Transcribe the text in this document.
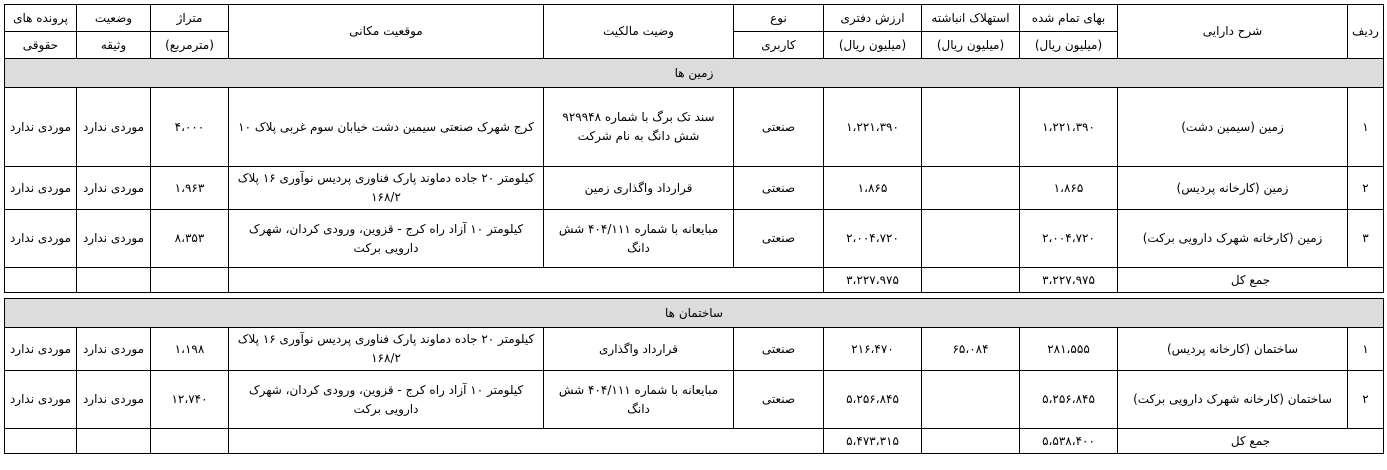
ردیف	شرح دارایی	بهای تمام شده	استهلاک انباشته	ارزش دفتری	نوع	وضیت مالکیت	موقعیت مکانی	متراژ	وضعیت	پرونده های
		(میلیون ریال)	(میلیون ریال)	(میلیون ریال)	کاربری			(مترمربع)	وثیقه	حقوقی
زمین ها										
۱	زمین (سیمین دشت)	۱،۲۲۱،۳۹۰		۱،۲۲۱،۳۹۰	صنعتی	سند تک برگ با شماره ۹۲۹۹۴۸ شش دانگ به نام شرکت	کرج شهرک صنعتی سیمین دشت خیابان سوم غربی پلاک ۱۰	۴،۰۰۰	موردی ندارد	موردی ندارد
۲	زمین (کارخانه پردیس)	۱،۸۶۵		۱،۸۶۵	صنعتی	قرارداد واگذاری زمین	کیلومتر ۲۰ جاده دماوند پارک فناوری پردیس نوآوری ۱۶ پلاک ۱۶۸/۲	۱،۹۶۳	موردی ندارد	موردی ندارد
۳	زمین (کارخانه شهرک دارویی برکت)	۲،۰۰۴،۷۲۰		۲،۰۰۴،۷۲۰	صنعتی	مبایعانه با شماره ۴۰۴/۱۱۱ شش دانگ	کیلومتر ۱۰ آزاد راه کرج - قزوین، ورودی کردان، شهرک دارویی برکت	۸،۳۵۳	موردی ندارد	موردی ندارد
جمع کل		۳،۲۲۷،۹۷۵		۳،۲۲۷،۹۷۵						

ساختمان ها										
۱	ساختمان (کارخانه پردیس)	۲۸۱،۵۵۵	۶۵،۰۸۴	۲۱۶،۴۷۰	صنعتی	قرارداد واگذاری	کیلومتر ۲۰ جاده دماوند پارک فناوری پردیس نوآوری ۱۶ پلاک ۱۶۸/۲	۱،۱۹۸	موردی ندارد	موردی ندارد
۲	ساختمان (کارخانه شهرک دارویی برکت)	۵،۲۵۶،۸۴۵		۵،۲۵۶،۸۴۵	صنعتی	مبایعانه با شماره ۴۰۴/۱۱۱ شش دانگ	کیلومتر ۱۰ آزاد راه کرج - قزوین، ورودی کردان، شهرک دارویی برکت	۱۲،۷۴۰	موردی ندارد	موردی ندارد
جمع کل		۵،۵۳۸،۴۰۰		۵،۴۷۳،۳۱۵						
